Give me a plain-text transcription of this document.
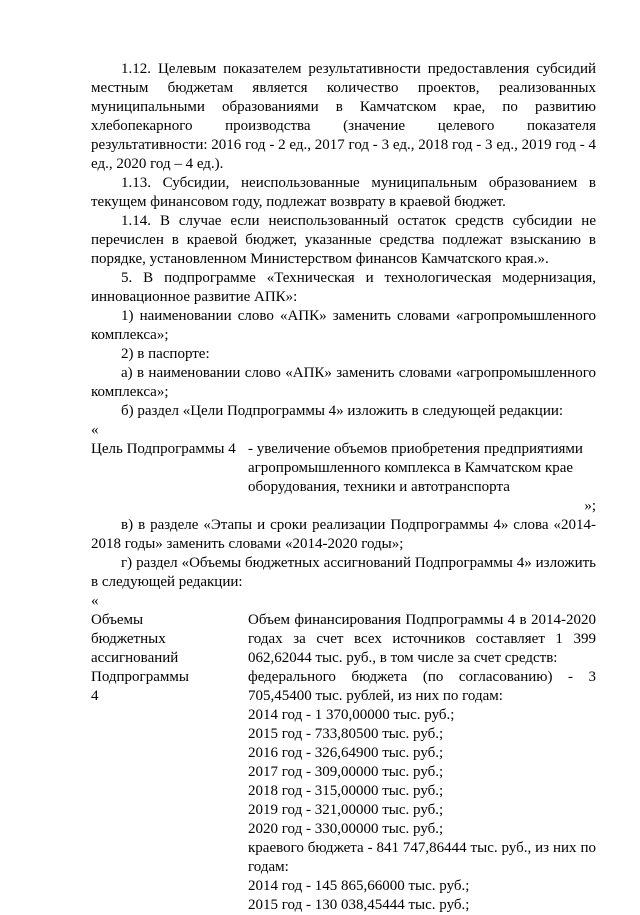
1.12. Целевым показателем результативности предоставления субсидий местным бюджетам является количество проектов, реализованных муниципальными образованиями в Камчатском крае, по развитию хлебопекарного производства (значение целевого показателя результативности: 2016 год - 2 ед., 2017 год - 3 ед., 2018 год - 3 ед., 2019 год - 4 ед., 2020 год – 4 ед.).

1.13. Субсидии, неиспользованные муниципальным образованием в текущем финансовом году, подлежат возврату в краевой бюджет.

1.14. В случае если неиспользованный остаток средств субсидии не перечислен в краевой бюджет, указанные средства подлежат взысканию в порядке, установленном Министерством финансов Камчатского края.».

5. В подпрограмме «Техническая и технологическая модернизация, инновационное развитие АПК»:

1) наименовании слово «АПК» заменить словами «агропромышленного комплекса»;

2) в паспорте:

а) в наименовании слово «АПК» заменить словами «агропромышленного комплекса»;

б) раздел «Цели Подпрограммы 4» изложить в следующей редакции:

«
Цель Подпрограммы 4 - увеличение объемов приобретения предприятиями агропромышленного комплекса в Камчатском крае оборудования, техники и автотранспорта
»;

в) в разделе «Этапы и сроки реализации Подпрограммы 4» слова «2014-2018 годы» заменить словами «2014-2020 годы»;

г) раздел «Объемы бюджетных ассигнований Подпрограммы 4» изложить в следующей редакции:

«
Объемы бюджетных ассигнований Подпрограммы 4
Объем финансирования Подпрограммы 4 в 2014-2020 годах за счет всех источников составляет 1 399 062,62044 тыс. руб., в том числе за счет средств:
федерального бюджета (по согласованию) - 3 705,45400 тыс. рублей, из них по годам:
2014 год - 1 370,00000 тыс. руб.;
2015 год - 733,80500 тыс. руб.;
2016 год - 326,64900 тыс. руб.;
2017 год - 309,00000 тыс. руб.;
2018 год - 315,00000 тыс. руб.;
2019 год - 321,00000 тыс. руб.;
2020 год - 330,00000 тыс. руб.;
краевого бюджета - 841 747,86444 тыс. руб., из них по годам:
2014 год - 145 865,66000 тыс. руб.;
2015 год - 130 038,45444 тыс. руб.;
